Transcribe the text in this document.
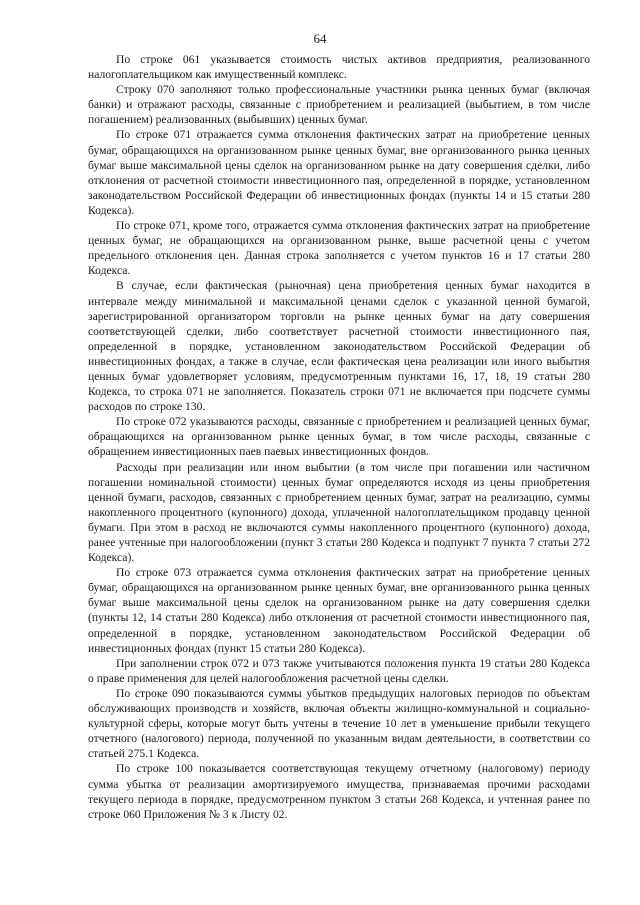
64

По строке 061 указывается стоимость чистых активов предприятия, реализованного налогоплательщиком как имущественный комплекс.

Строку 070 заполняют только профессиональные участники рынка ценных бумаг (включая банки) и отражают расходы, связанные с приобретением и реализацией (выбытием, в том числе погашением) реализованных (выбывших) ценных бумаг.

По строке 071 отражается сумма отклонения фактических затрат на приобретение ценных бумаг, обращающихся на организованном рынке ценных бумаг, вне организованного рынка ценных бумаг выше максимальной цены сделок на организованном рынке на дату совершения сделки, либо отклонения от расчетной стоимости инвестиционного пая, определенной в порядке, установленном законодательством Российской Федерации об инвестиционных фондах (пункты 14 и 15 статьи 280 Кодекса).

По строке 071, кроме того, отражается сумма отклонения фактических затрат на приобретение ценных бумаг, не обращающихся на организованном рынке, выше расчетной цены с учетом предельного отклонения цен. Данная строка заполняется с учетом пунктов 16 и 17 статьи 280 Кодекса.

В случае, если фактическая (рыночная) цена приобретения ценных бумаг находится в интервале между минимальной и максимальной ценами сделок с указанной ценной бумагой, зарегистрированной организатором торговли на рынке ценных бумаг на дату совершения соответствующей сделки, либо соответствует расчетной стоимости инвестиционного пая, определенной в порядке, установленном законодательством Российской Федерации об инвестиционных фондах, а также в случае, если фактическая цена реализации или иного выбытия ценных бумаг удовлетворяет условиям, предусмотренным пунктами 16, 17, 18, 19 статьи 280 Кодекса, то строка 071 не заполняется. Показатель строки 071 не включается при подсчете суммы расходов по строке 130.

По строке 072 указываются расходы, связанные с приобретением и реализацией ценных бумаг, обращающихся на организованном рынке ценных бумаг, в том числе расходы, связанные с обращением инвестиционных паев паевых инвестиционных фондов.

Расходы при реализации или ином выбытии (в том числе при погашении или частичном погашении номинальной стоимости) ценных бумаг определяются исходя из цены приобретения ценной бумаги, расходов, связанных с приобретением ценных бумаг, затрат на реализацию, суммы накопленного процентного (купонного) дохода, уплаченной налогоплательщиком продавцу ценной бумаги. При этом в расход не включаются суммы накопленного процентного (купонного) дохода, ранее учтенные при налогообложении (пункт 3 статьи 280 Кодекса и подпункт 7 пункта 7 статьи 272 Кодекса).

По строке 073 отражается сумма отклонения фактических затрат на приобретение ценных бумаг, обращающихся на организованном рынке ценных бумаг, вне организованного рынка ценных бумаг выше максимальной цены сделок на организованном рынке на дату совершения сделки (пункты 12, 14 статьи 280 Кодекса) либо отклонения от расчетной стоимости инвестиционного пая, определенной в порядке, установленном законодательством Российской Федерации об инвестиционных фондах (пункт 15 статьи 280 Кодекса).

При заполнении строк 072 и 073 также учитываются положения пункта 19 статьи 280 Кодекса о праве применения для целей налогообложения расчетной цены сделки.

По строке 090 показываются суммы убытков предыдущих налоговых периодов по объектам обслуживающих производств и хозяйств, включая объекты жилищно-коммунальной и социально-культурной сферы, которые могут быть учтены в течение 10 лет в уменьшение прибыли текущего отчетного (налогового) периода, полученной по указанным видам деятельности, в соответствии со статьей 275.1 Кодекса.

По строке 100 показывается соответствующая текущему отчетному (налоговому) периоду сумма убытка от реализации амортизируемого имущества, признаваемая прочими расходами текущего периода в порядке, предусмотренном пунктом 3 статьи 268 Кодекса, и учтенная ранее по строке 060 Приложения № 3 к Листу 02.
